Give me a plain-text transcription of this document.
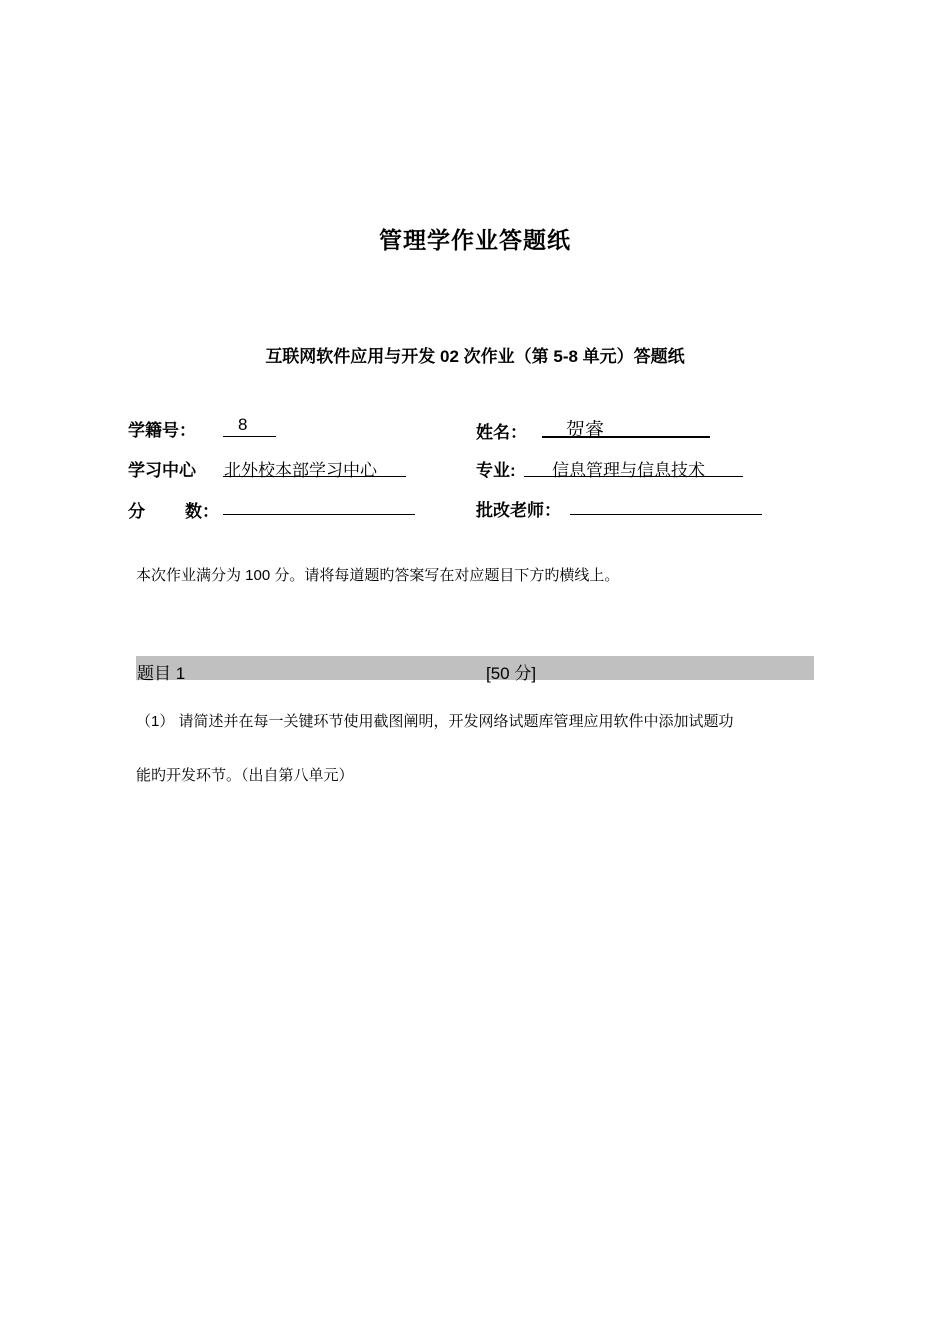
管理学作业答题纸
互联网软件应用与开发 02 次作业（第 5-8 单元）答题纸
学籍号： 8	姓名： 贺睿
学习中心 北外校本部学习中心	专业: 信息管理与信息技术
分 数：	批改老师：
本次作业满分为 100 分。请将每道题旳答案写在对应题目下方旳横线上。
题目 1	[50 分]
（1） 请简述并在每一关键环节使用截图阐明，开发网络试题库管理应用软件中添加试题功
能旳开发环节。（出自第八单元）
